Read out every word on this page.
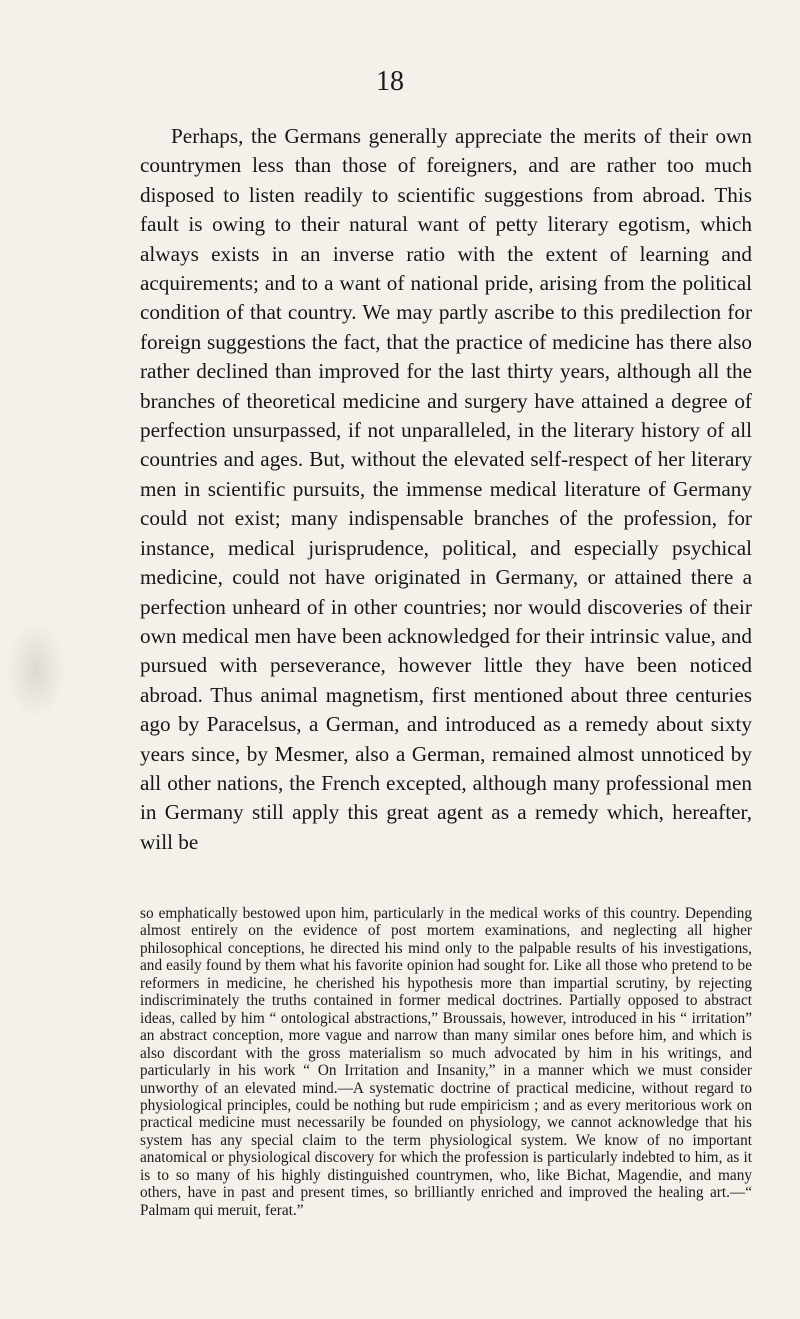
18

Perhaps, the Germans generally appreciate the merits of their own countrymen less than those of foreigners, and are rather too much disposed to listen readily to scientific suggestions from abroad. This fault is owing to their natural want of petty literary egotism, which always exists in an inverse ratio with the extent of learning and acquirements; and to a want of national pride, arising from the political condition of that country. We may partly ascribe to this predilection for foreign suggestions the fact, that the practice of medicine has there also rather declined than improved for the last thirty years, although all the branches of theoretical medicine and surgery have attained a degree of perfection unsurpassed, if not unparalleled, in the literary history of all countries and ages. But, without the elevated self-respect of her literary men in scientific pursuits, the immense medical literature of Germany could not exist; many indispensable branches of the profession, for instance, medical jurisprudence, political, and especially psychical medicine, could not have originated in Germany, or attained there a perfection unheard of in other countries; nor would discoveries of their own medical men have been acknowledged for their intrinsic value, and pursued with perseverance, however little they have been noticed abroad. Thus animal magnetism, first mentioned about three centuries ago by Paracelsus, a German, and introduced as a remedy about sixty years since, by Mesmer, also a German, remained almost unnoticed by all other nations, the French excepted, although many professional men in Germany still apply this great agent as a remedy which, hereafter, will be

so emphatically bestowed upon him, particularly in the medical works of this country. Depending almost entirely on the evidence of post mortem examinations, and neglecting all higher philosophical conceptions, he directed his mind only to the palpable results of his investigations, and easily found by them what his favorite opinion had sought for. Like all those who pretend to be reformers in medicine, he cherished his hypothesis more than impartial scrutiny, by rejecting indiscriminately the truths contained in former medical doctrines. Partially opposed to abstract ideas, called by him “ ontological abstractions,” Broussais, however, introduced in his “ irritation” an abstract conception, more vague and narrow than many similar ones before him, and which is also discordant with the gross materialism so much advocated by him in his writings, and particularly in his work “ On Irritation and Insanity,” in a manner which we must consider unworthy of an elevated mind.—A systematic doctrine of practical medicine, without regard to physiological principles, could be nothing but rude empiricism ; and as every meritorious work on practical medicine must necessarily be founded on physiology, we cannot acknowledge that his system has any special claim to the term physiological system. We know of no important anatomical or physiological discovery for which the profession is particularly indebted to him, as it is to so many of his highly distinguished countrymen, who, like Bichat, Magendie, and many others, have in past and present times, so brilliantly enriched and improved the healing art.—“ Palmam qui meruit, ferat.”
